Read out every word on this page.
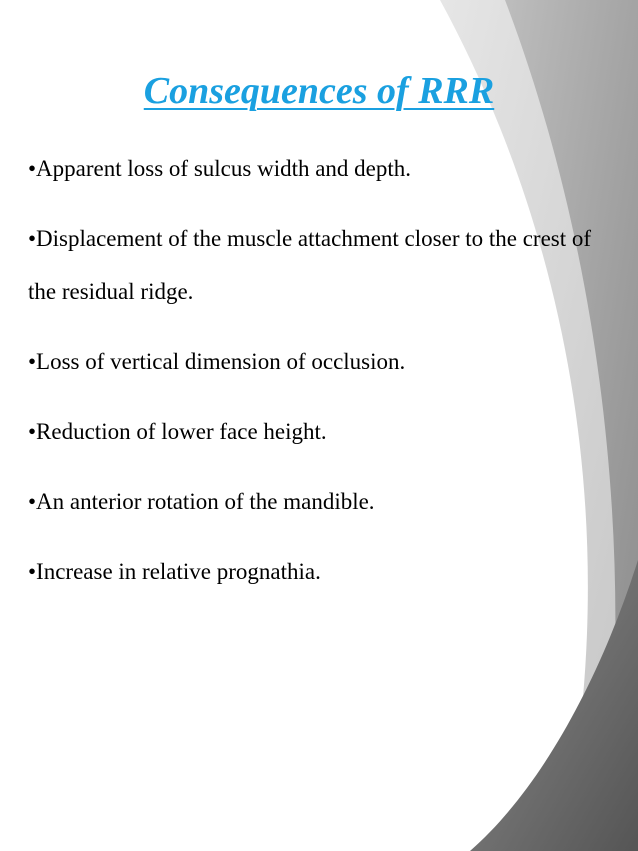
Consequences of RRR
•Apparent loss of sulcus width and depth.
•Displacement of the muscle attachment closer to the crest of the residual ridge.
•Loss of vertical dimension of occlusion.
•Reduction of lower face height.
•An anterior rotation of the mandible.
•Increase in relative prognathia.
